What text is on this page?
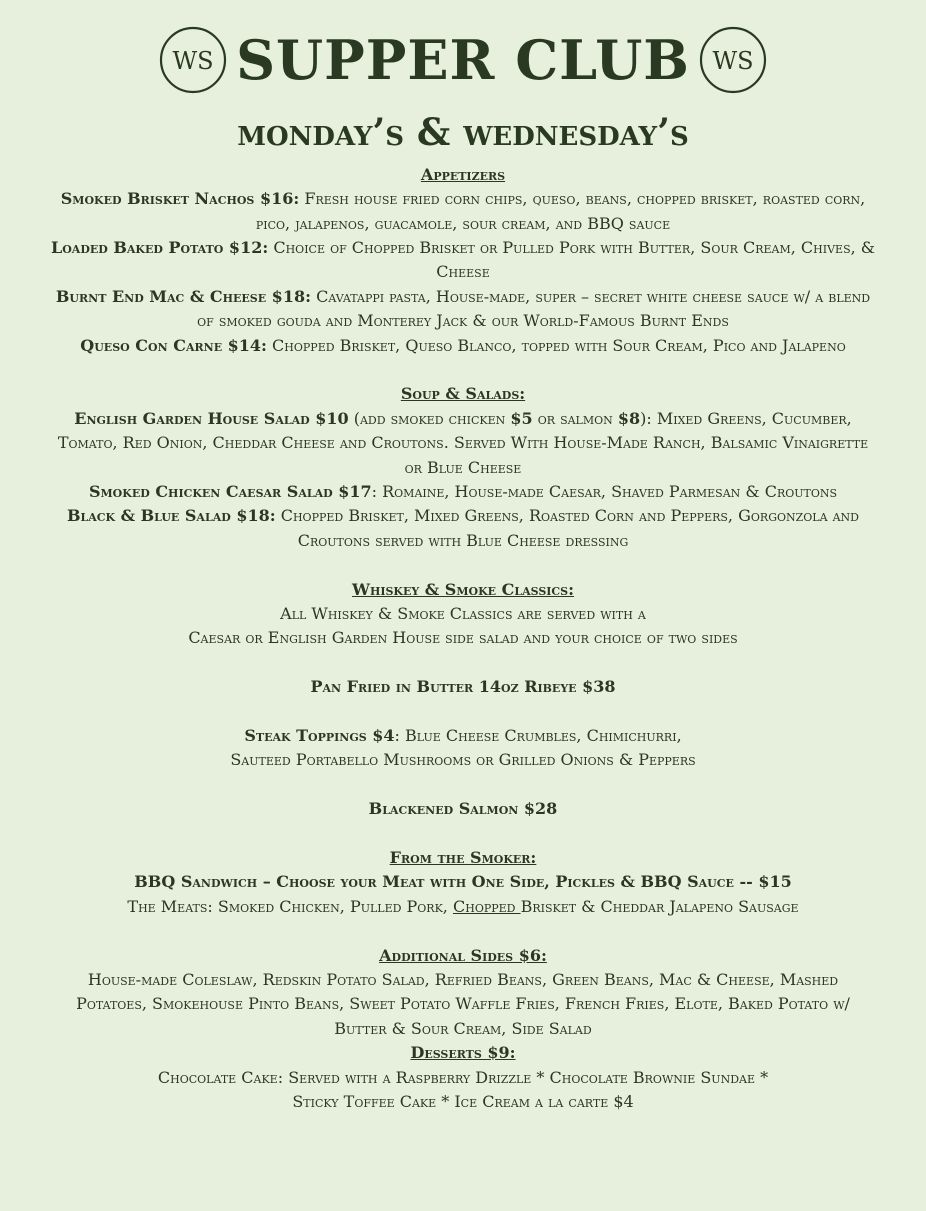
WS SUPPER CLUB WS
monday’s & wednesday’s
Appetizers
Smoked Brisket Nachos $16: Fresh house fried corn chips, queso, beans, chopped brisket, roasted corn, pico, jalapenos, guacamole, sour cream, and BBQ sauce
Loaded Baked Potato $12: Choice of Chopped Brisket or Pulled Pork with Butter, Sour Cream, Chives, & Cheese
Burnt End Mac & Cheese $18: Cavatappi pasta, House-made, super – secret white cheese sauce w/ a blend of smoked gouda and Monterey Jack & our World-Famous Burnt Ends
Queso Con Carne $14: Chopped Brisket, Queso Blanco, topped with Sour Cream, Pico and Jalapeno
Soup & Salads:
English Garden House Salad $10 (add smoked chicken $5 or salmon $8): Mixed Greens, Cucumber, Tomato, Red Onion, Cheddar Cheese and Croutons. Served With House-Made Ranch, Balsamic Vinaigrette or Blue Cheese
Smoked Chicken Caesar Salad $17: Romaine, House-made Caesar, Shaved Parmesan & Croutons
Black & Blue Salad $18: Chopped Brisket, Mixed Greens, Roasted Corn and Peppers, Gorgonzola and Croutons served with Blue Cheese dressing
Whiskey & Smoke Classics:
All Whiskey & Smoke Classics are served with a
Caesar or English Garden House side salad and your choice of two sides
Pan Fried in Butter 14oz Ribeye $38
Steak Toppings $4: Blue Cheese Crumbles, Chimichurri,
Sauteed Portabello Mushrooms or Grilled Onions & Peppers
Blackened Salmon $28
From the Smoker:
BBQ Sandwich – Choose your Meat with One Side, Pickles & BBQ Sauce -- $15
The Meats: Smoked Chicken, Pulled Pork, Chopped Brisket & Cheddar Jalapeno Sausage
Additional Sides $6:
House-made Coleslaw, Redskin Potato Salad, Refried Beans, Green Beans, Mac & Cheese, Mashed Potatoes, Smokehouse Pinto Beans, Sweet Potato Waffle Fries, French Fries, Elote, Baked Potato w/ Butter & Sour Cream, Side Salad
Desserts $9:
Chocolate Cake: Served with a Raspberry Drizzle * Chocolate Brownie Sundae *
Sticky Toffee Cake * Ice Cream a la carte $4
